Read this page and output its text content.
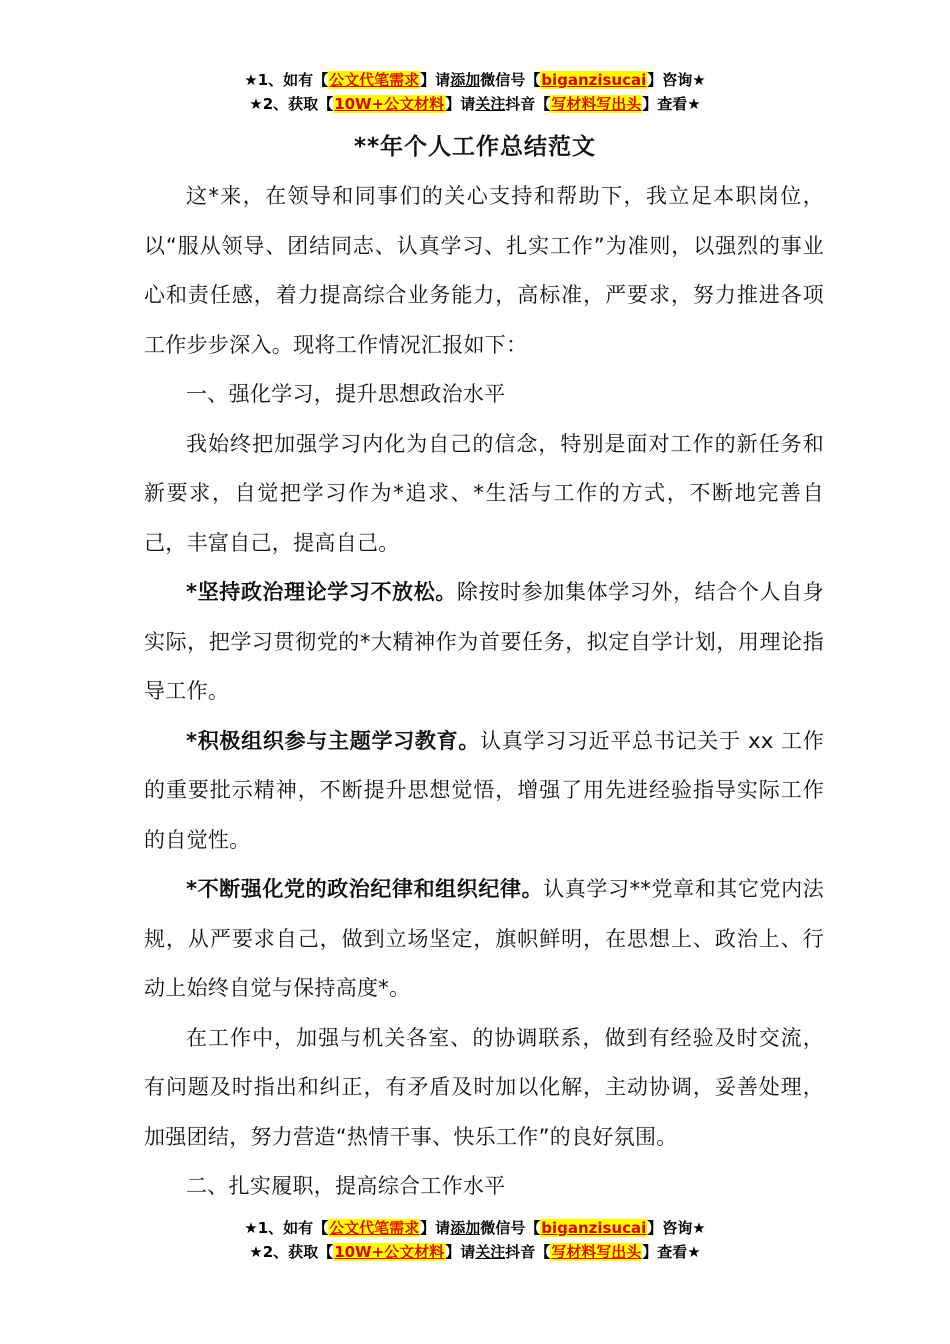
★1、如有【公文代笔需求】请添加微信号【biganzisucai】咨询★
★2、获取【10W+公文材料】请关注抖音【写材料写出头】查看★
**年个人工作总结范文

这*来，在领导和同事们的关心支持和帮助下，我立足本职岗位，以“服从领导、团结同志、认真学习、扎实工作”为准则，以强烈的事业心和责任感，着力提高综合业务能力，高标准，严要求，努力推进各项工作步步深入。现将工作情况汇报如下：

一、强化学习，提升思想政治水平

我始终把加强学习内化为自己的信念，特别是面对工作的新任务和新要求，自觉把学习作为*追求、*生活与工作的方式，不断地完善自己，丰富自己，提高自己。

*坚持政治理论学习不放松。除按时参加集体学习外，结合个人自身实际，把学习贯彻党的*大精神作为首要任务，拟定自学计划，用理论指导工作。

*积极组织参与主题学习教育。认真学习习近平总书记关于 xx 工作的重要批示精神，不断提升思想觉悟，增强了用先进经验指导实际工作的自觉性。

*不断强化党的政治纪律和组织纪律。认真学习**党章和其它党内法规，从严要求自己，做到立场坚定，旗帜鲜明，在思想上、政治上、行动上始终自觉与保持高度*。

在工作中，加强与机关各室、的协调联系，做到有经验及时交流，有问题及时指出和纠正，有矛盾及时加以化解，主动协调，妥善处理，加强团结，努力营造“热情干事、快乐工作”的良好氛围。

二、扎实履职，提高综合工作水平

★1、如有【公文代笔需求】请添加微信号【biganzisucai】咨询★
★2、获取【10W+公文材料】请关注抖音【写材料写出头】查看★
